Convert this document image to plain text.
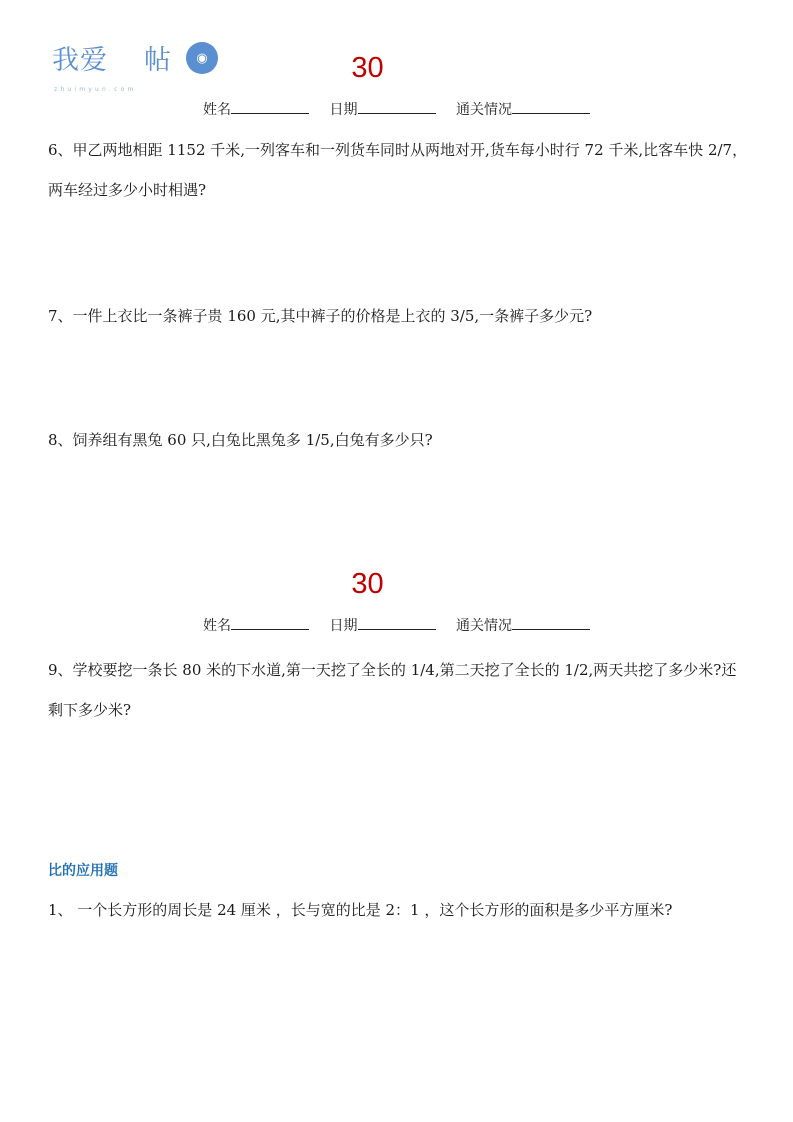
我爱 帖	◉
zhuimyun.com
30
姓名	日期	通关情况
6、甲乙两地相距 1152 千米,一列客车和一列货车同时从两地对开,货车每小时行 72 千米,比客车快 2/7，两车经过多少小时相遇?
7、一件上衣比一条裤子贵 160 元,其中裤子的价格是上衣的 3/5,一条裤子多少元?
8、饲养组有黑兔 60 只,白兔比黑兔多 1/5,白兔有多少只?
30
姓名	日期	通关情况
9、学校要挖一条长 80 米的下水道,第一天挖了全长的 1/4,第二天挖了全长的 1/2,两天共挖了多少米?还剩下多少米?
比的应用题
1、 一个长方形的周长是 24 厘米 ，长与宽的比是 2：1 ，这个长方形的面积是多少平方厘米?
